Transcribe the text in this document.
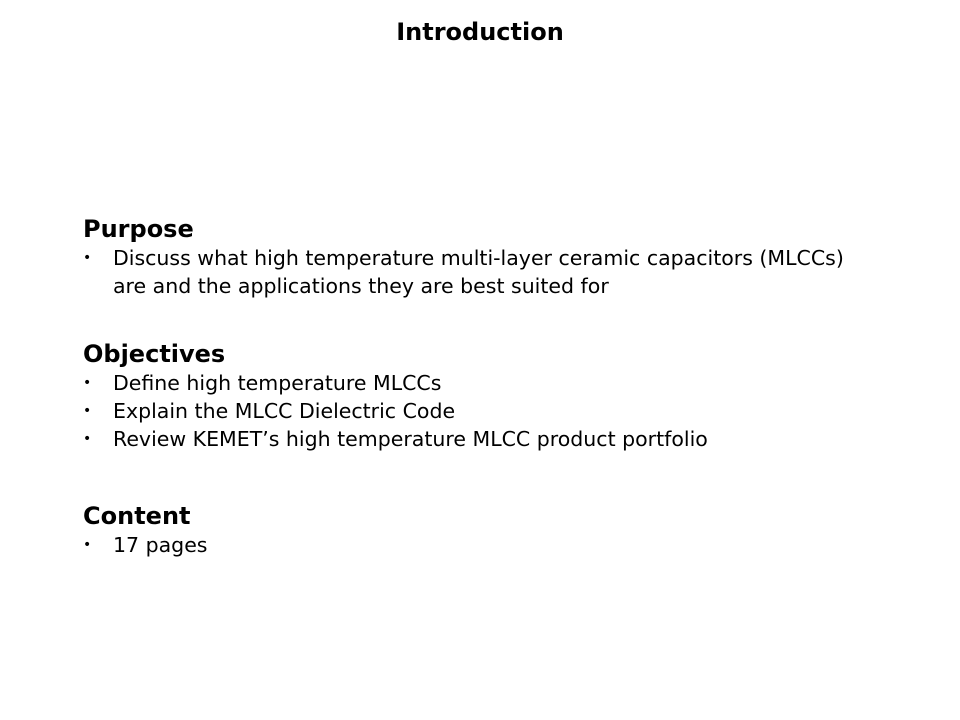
Introduction
Purpose
• Discuss what high temperature multi-layer ceramic capacitors (MLCCs) are and the applications they are best suited for
Objectives
• Define high temperature MLCCs
• Explain the MLCC Dielectric Code
• Review KEMET’s high temperature MLCC product portfolio
Content
• 17 pages
